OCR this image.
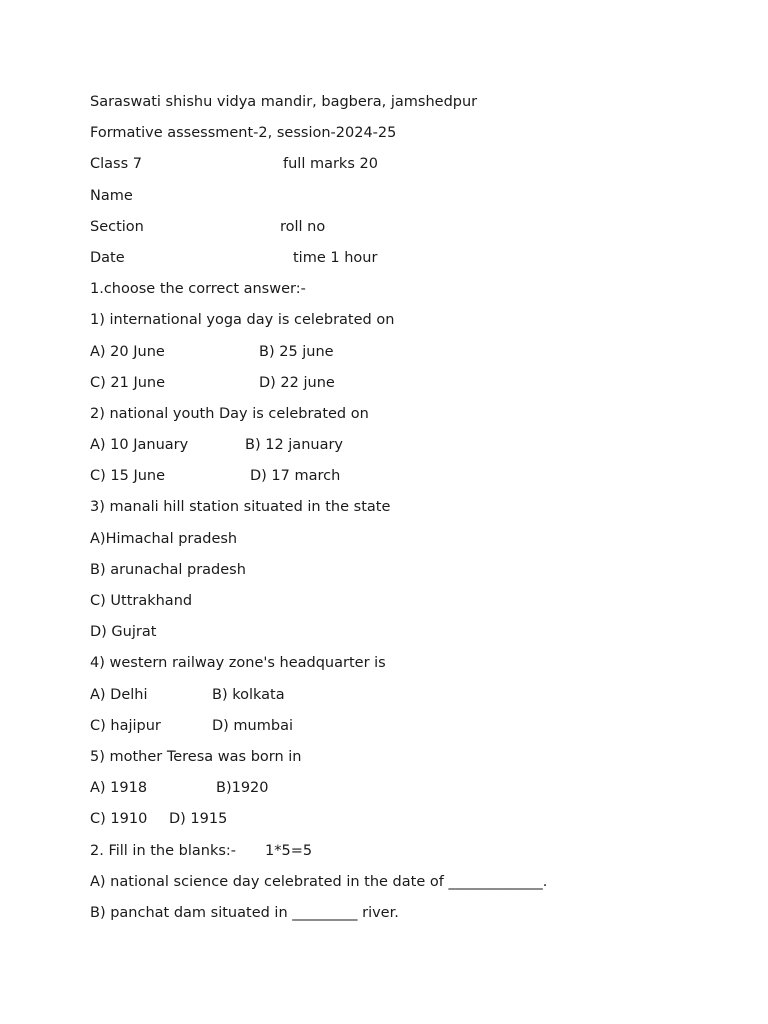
Saraswati shishu vidya mandir, bagbera, jamshedpur
Formative assessment-2, session-2024-25
Class 7	full marks 20
Name
Section	roll no
Date	time 1 hour
1.choose the correct answer:-
1) international yoga day is celebrated on
A) 20 June	B) 25 june
C) 21 June	D) 22 june
2) national youth Day is celebrated on
A) 10 January	B) 12 january
C) 15 June	D) 17 march
3) manali hill station situated in the state
A)Himachal pradesh
B) arunachal pradesh
C) Uttrakhand
D) Gujrat
4) western railway zone's headquarter is
A) Delhi	B) kolkata
C) hajipur	D) mumbai
5) mother Teresa was born in
A) 1918	B)1920
C) 1910	D) 1915
2. Fill in the blanks:-	1*5=5
A) national science day celebrated in the date of _____________.
B) panchat dam situated in _________ river.
